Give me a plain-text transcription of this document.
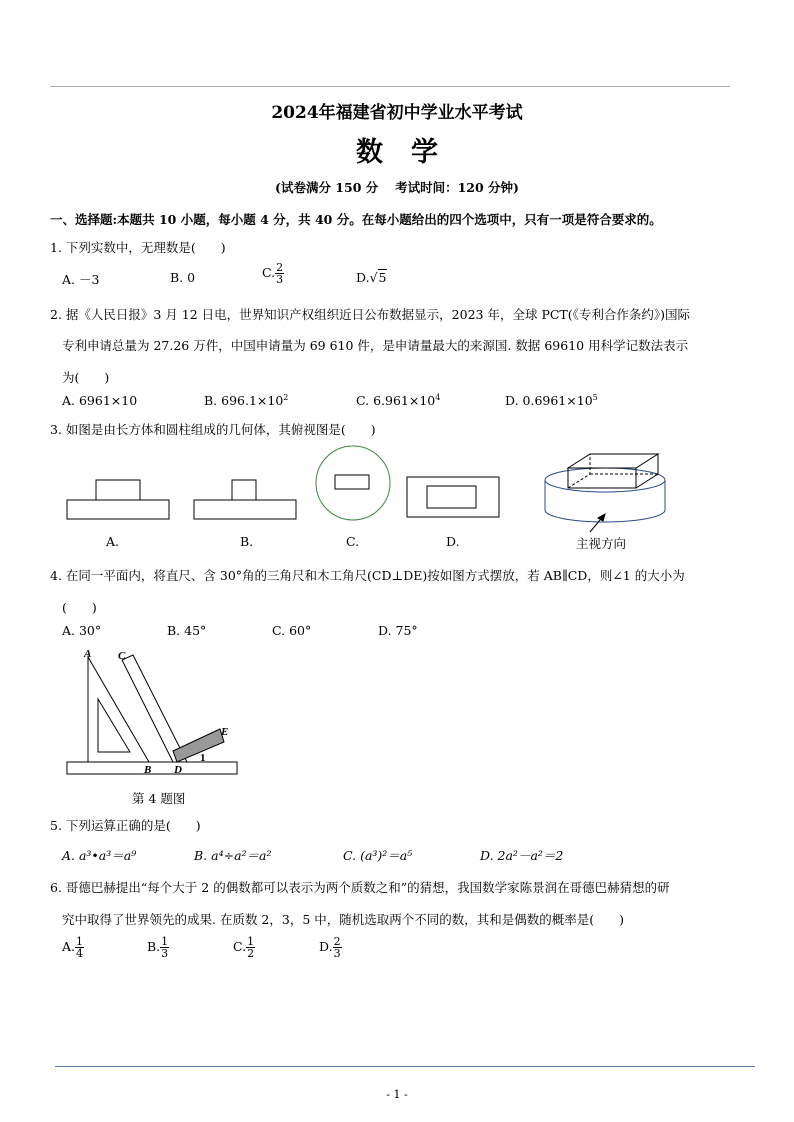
2024年福建省初中学业水平考试
数学
(试卷满分 150 分　 考试时间：120 分钟)
一、选择题:本题共 10 小题，每小题 4 分，共 40 分。在每小题给出的四个选项中，只有一项是符合要求的。
1. 下列实数中，无理数是(　　)
A. －3	B. 0	C. $\frac{2}{3}$	D.√5
2. 据《人民日报》3 月 12 日电，世界知识产权组织近日公布数据显示，2023 年，全球 PCT(《专利合作条约》)国际
专利申请总量为 27.26 万件，中国申请量为 69 610 件，是申请量最大的来源国. 数据 69610 用科学记数法表示
为(　　)
A. 6961×10	B. $696.1\times 10^2$	C. $6.961\times 10^4$	D. $0.6961\times 10^5$
3. 如图是由长方体和圆柱组成的几何体，其俯视图是(　　)
A.	B.	C.	D.	主视方向
4. 在同一平面内，将直尺、含 30°角的三角尺和木工角尺(CD⊥DE)按如图方式摆放，若 AB∥CD，则∠1 的大小为
(　　)
A. 30°	B. 45°	C. 60°	D. 75°
A C
E
B D
1
第 4 题图
5. 下列运算正确的是(　　)
A. a³•a³＝a⁹	B. a⁴÷a²＝a²	C. (a³)²＝a⁵	D. 2a²－a²＝2
6. 哥德巴赫提出“每个大于 2 的偶数都可以表示为两个质数之和”的猜想，我国数学家陈景润在哥德巴赫猜想的研
究中取得了世界领先的成果. 在质数 2，3，5 中，随机选取两个不同的数，其和是偶数的概率是(　　)
A. $\frac{1}{4}$	B. $\frac{1}{3}$	C. $\frac{1}{2}$	D. $\frac{2}{3}$
- 1 -
